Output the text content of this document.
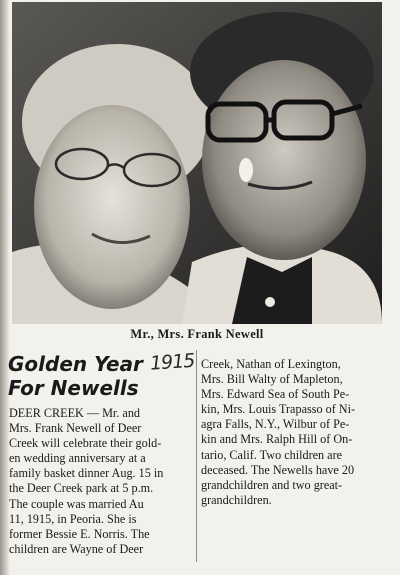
Mr., Mrs. Frank Newell
Golden Year
For Newells
1915
DEER CREEK — Mr. and
Mrs. Frank Newell of Deer
Creek will celebrate their gold-
en wedding anniversary at a
family basket dinner Aug. 15 in
the Deer Creek park at 5 p.m.
The couple was married Au
11, 1915, in Peoria. She is
former Bessie E. Norris. The
children are Wayne of Deer
Creek, Nathan of Lexington,
Mrs. Bill Walty of Mapleton,
Mrs. Edward Sea of South Pe-
kin, Mrs. Louis Trapasso of Ni-
agra Falls, N.Y., Wilbur of Pe-
kin and Mrs. Ralph Hill of On-
tario, Calif. Two children are
deceased. The Newells have 20
grandchildren and two great-
grandchildren.
